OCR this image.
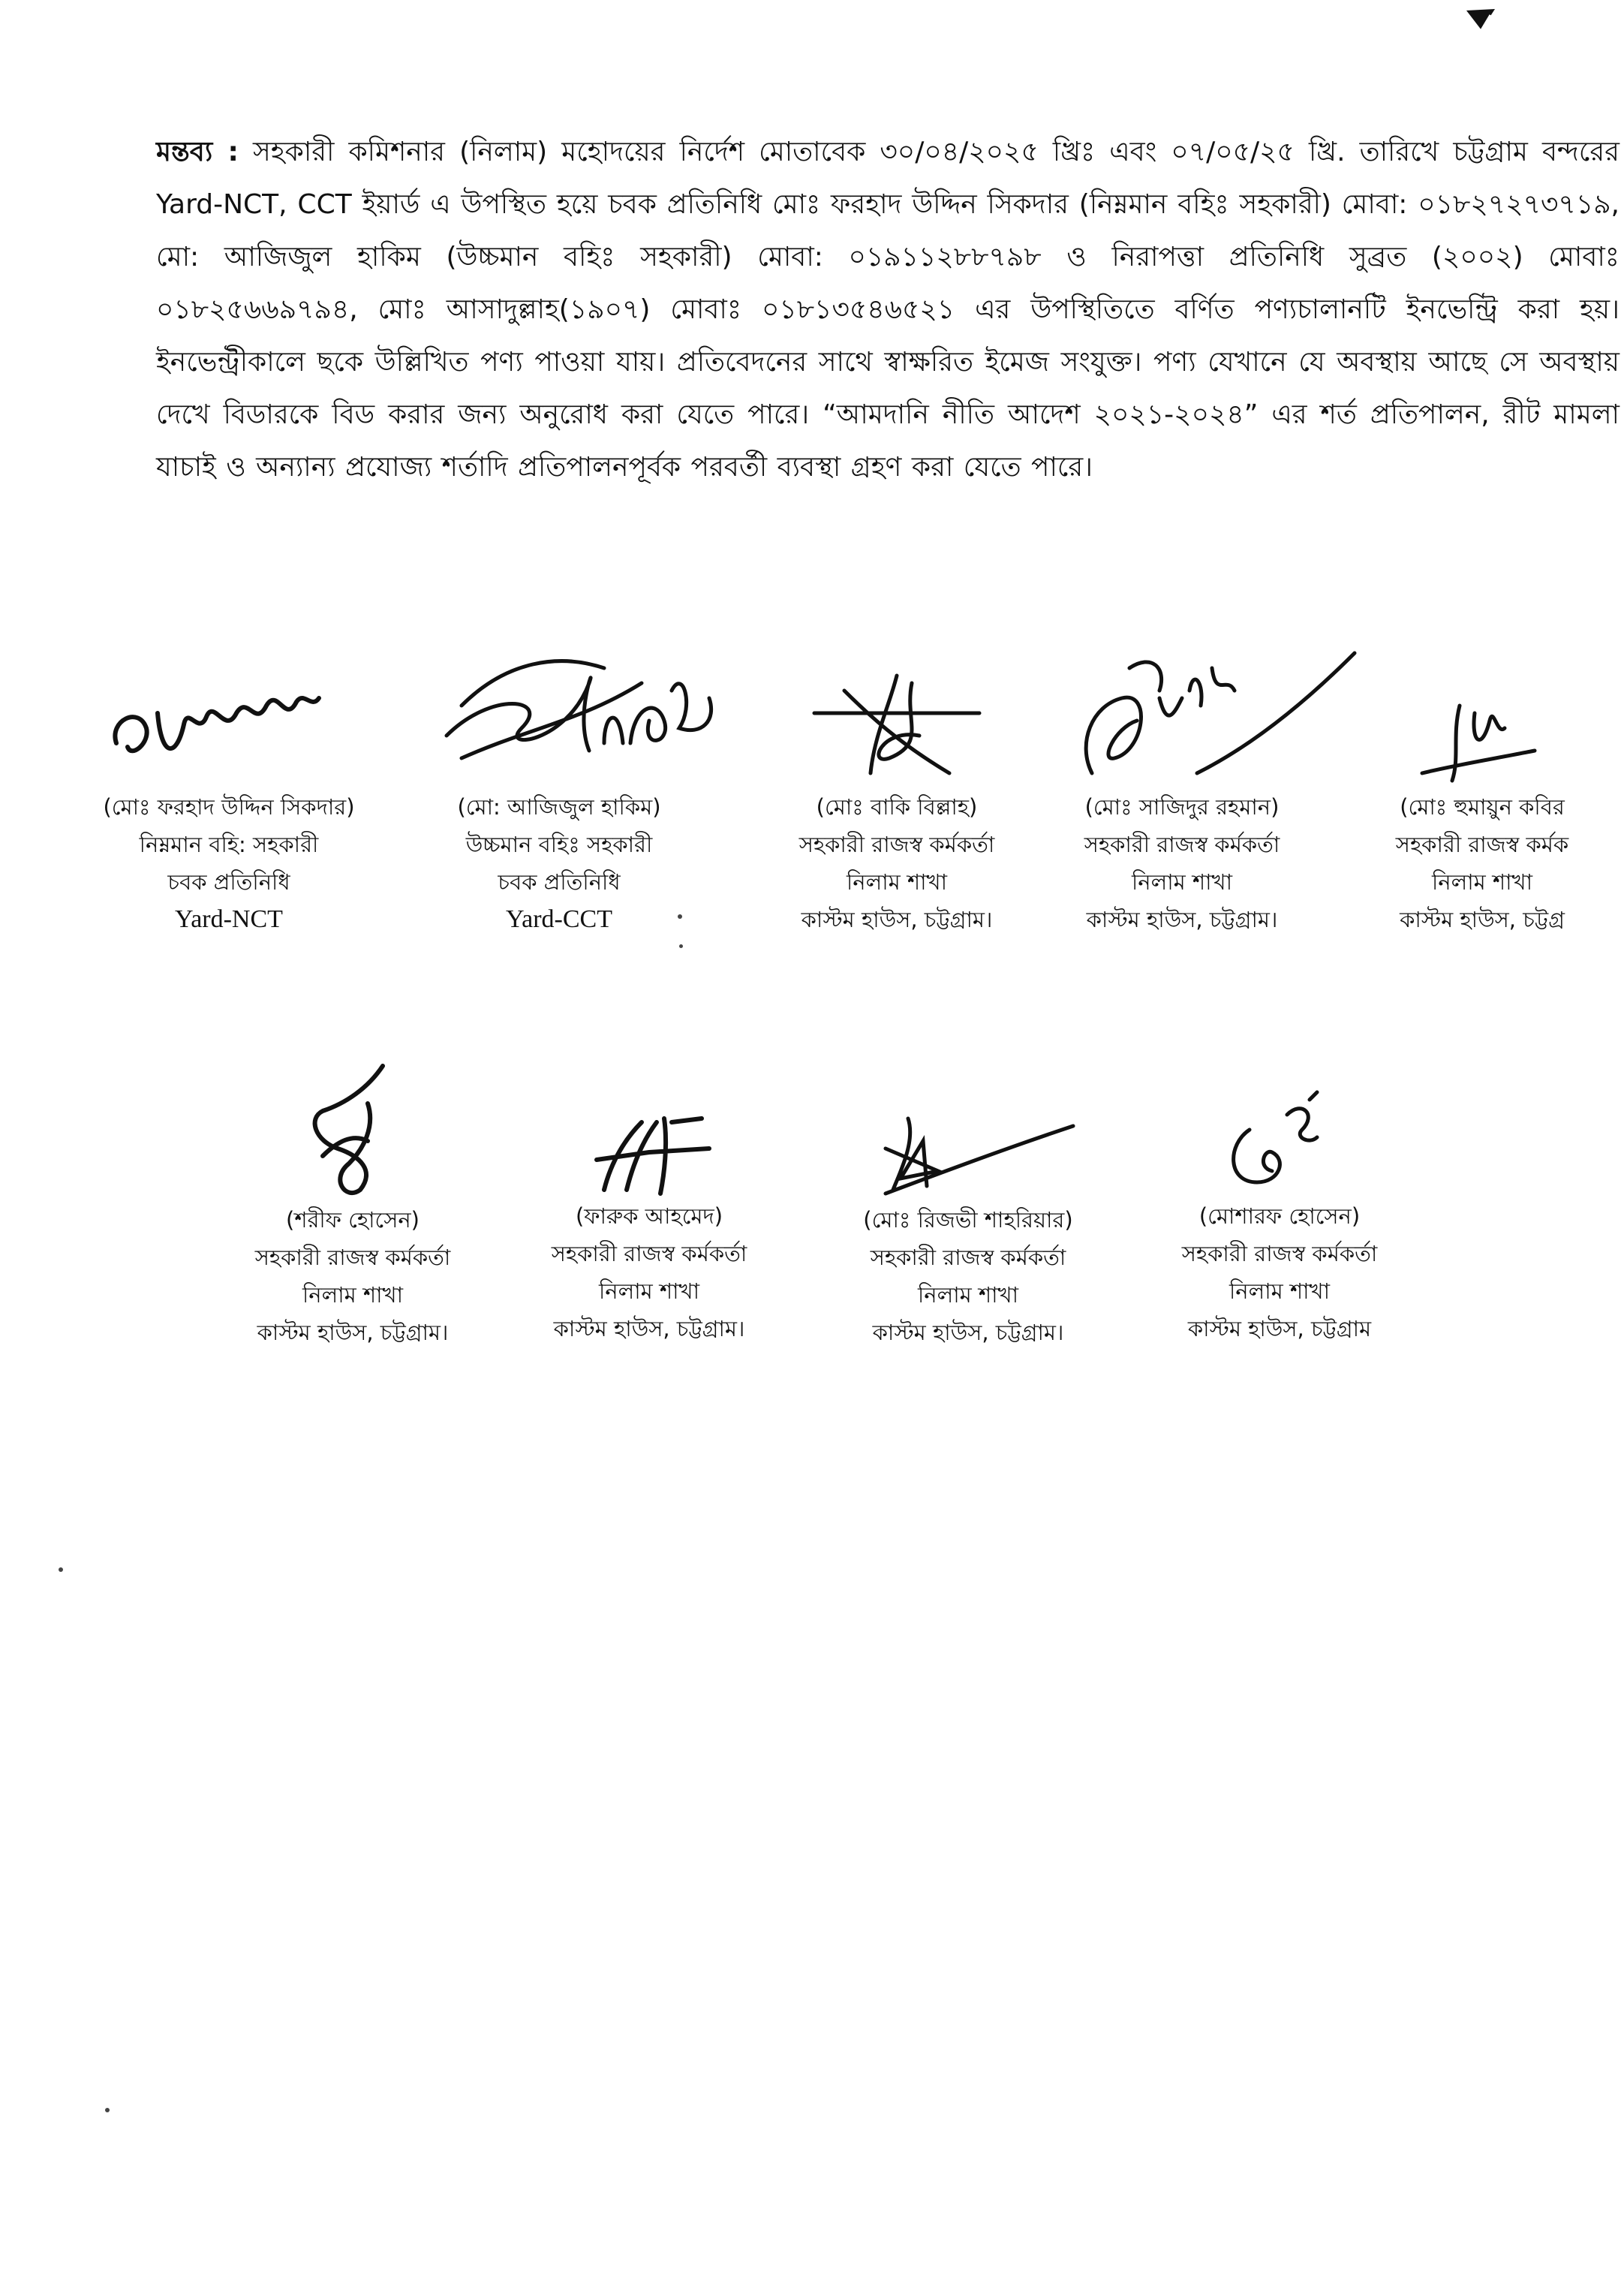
মন্তব্য : সহকারী কমিশনার (নিলাম) মহোদয়ের নির্দেশ মোতাবেক ৩০/০৪/২০২৫ খ্রিঃ এবং ০৭/০৫/২৫ খ্রি. তারিখে চট্টগ্রাম বন্দরের Yard-NCT, CCT ইয়ার্ড এ উপস্থিত হয়ে চবক প্রতিনিধি মোঃ ফরহাদ উদ্দিন সিকদার (নিম্নমান বহিঃ সহকারী) মোবা: ০১৮২৭২৭৩৭১৯, মো: আজিজুল হাকিম (উচ্চমান বহিঃ সহকারী) মোবা: ০১৯১১২৮৮৭৯৮ ও নিরাপত্তা প্রতিনিধি সুব্রত (২০০২) মোবাঃ ০১৮২৫৬৬৯৭৯৪, মোঃ আসাদুল্লাহ(১৯০৭) মোবাঃ ০১৮১৩৫৪৬৫২১ এর উপস্থিতিতে বর্ণিত পণ্যচালানটি ইনভেন্ট্রি করা হয়। ইনভেন্ট্রীকালে ছকে উল্লিখিত পণ্য পাওয়া যায়। প্রতিবেদনের সাথে স্বাক্ষরিত ইমেজ সংযুক্ত। পণ্য যেখানে যে অবস্থায় আছে সে অবস্থায় দেখে বিডারকে বিড করার জন্য অনুরোধ করা যেতে পারে। “আমদানি নীতি আদেশ ২০২১-২০২৪” এর শর্ত প্রতিপালন, রীট মামলা যাচাই ও অন্যান্য প্রযোজ্য শর্তাদি প্রতিপালনপূর্বক পরবর্তী ব্যবস্থা গ্রহণ করা যেতে পারে।
(মোঃ ফরহাদ উদ্দিন সিকদার)
নিম্নমান বহি: সহকারী
চবক প্রতিনিধি
Yard-NCT
(মো: আজিজুল হাকিম)
উচ্চমান বহিঃ সহকারী
চবক প্রতিনিধি
Yard-CCT
(মোঃ বাকি বিল্লাহ)
সহকারী রাজস্ব কর্মকর্তা
নিলাম শাখা
কাস্টম হাউস, চট্টগ্রাম।
(মোঃ সাজিদুর রহমান)
সহকারী রাজস্ব কর্মকর্তা
নিলাম শাখা
কাস্টম হাউস, চট্টগ্রাম।
(মোঃ হুমায়ুন কবির
সহকারী রাজস্ব কর্মক
নিলাম শাখা
কাস্টম হাউস, চট্টগ্র
(শরীফ হোসেন)
সহকারী রাজস্ব কর্মকর্তা
নিলাম শাখা
কাস্টম হাউস, চট্টগ্রাম।
(ফারুক আহমেদ)
সহকারী রাজস্ব কর্মকর্তা
নিলাম শাখা
কাস্টম হাউস, চট্টগ্রাম।
(মোঃ রিজভী শাহরিয়ার)
সহকারী রাজস্ব কর্মকর্তা
নিলাম শাখা
কাস্টম হাউস, চট্টগ্রাম।
(মোশারফ হোসেন)
সহকারী রাজস্ব কর্মকর্তা
নিলাম শাখা
কাস্টম হাউস, চট্টগ্রাম
